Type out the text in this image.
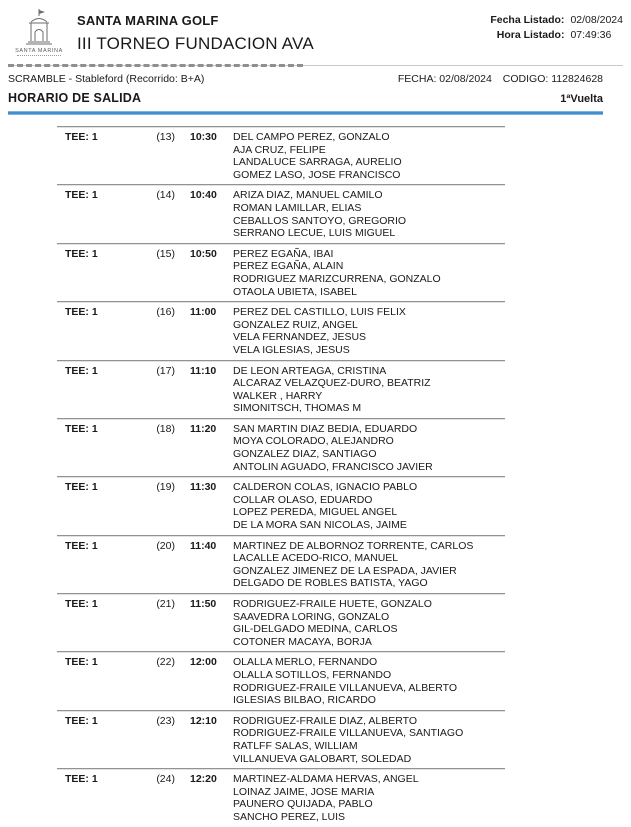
SANTA MARINA
SANTA MARINA GOLF
III TORNEO FUNDACION AVA
Fecha Listado: 02/08/2024
Hora Listado: 07:49:36
SCRAMBLE - Stableford (Recorrido: B+A)	FECHA: 02/08/2024 CODIGO: 112824628
HORARIO DE SALIDA	1ªVuelta
TEE: 1	(13)	10:30	DEL CAMPO PEREZ, GONZALO
AJA CRUZ, FELIPE
LANDALUCE SARRAGA, AURELIO
GOMEZ LASO, JOSE FRANCISCO
TEE: 1	(14)	10:40	ARIZA DIAZ, MANUEL CAMILO
ROMAN LAMILLAR, ELIAS
CEBALLOS SANTOYO, GREGORIO
SERRANO LECUE, LUIS MIGUEL
TEE: 1	(15)	10:50	PEREZ EGAÑA, IBAI
PEREZ EGAÑA, ALAIN
RODRIGUEZ MARIZCURRENA, GONZALO
OTAOLA UBIETA, ISABEL
TEE: 1	(16)	11:00	PEREZ DEL CASTILLO, LUIS FELIX
GONZALEZ RUIZ, ANGEL
VELA FERNANDEZ, JESUS
VELA IGLESIAS, JESUS
TEE: 1	(17)	11:10	DE LEON ARTEAGA, CRISTINA
ALCARAZ VELAZQUEZ-DURO, BEATRIZ
WALKER , HARRY
SIMONITSCH, THOMAS M
TEE: 1	(18)	11:20	SAN MARTIN DIAZ BEDIA, EDUARDO
MOYA COLORADO, ALEJANDRO
GONZALEZ DIAZ, SANTIAGO
ANTOLIN AGUADO, FRANCISCO JAVIER
TEE: 1	(19)	11:30	CALDERON COLAS, IGNACIO PABLO
COLLAR OLASO, EDUARDO
LOPEZ PEREDA, MIGUEL ANGEL
DE LA MORA SAN NICOLAS, JAIME
TEE: 1	(20)	11:40	MARTINEZ DE ALBORNOZ TORRENTE, CARLOS
LACALLE ACEDO-RICO, MANUEL
GONZALEZ JIMENEZ DE LA ESPADA, JAVIER
DELGADO DE ROBLES BATISTA, YAGO
TEE: 1	(21)	11:50	RODRIGUEZ-FRAILE HUETE, GONZALO
SAAVEDRA LORING, GONZALO
GIL-DELGADO MEDINA, CARLOS
COTONER MACAYA, BORJA
TEE: 1	(22)	12:00	OLALLA MERLO, FERNANDO
OLALLA SOTILLOS, FERNANDO
RODRIGUEZ-FRAILE VILLANUEVA, ALBERTO
IGLESIAS BILBAO, RICARDO
TEE: 1	(23)	12:10	RODRIGUEZ-FRAILE DIAZ, ALBERTO
RODRIGUEZ-FRAILE VILLANUEVA, SANTIAGO
RATLFF SALAS, WILLIAM
VILLANUEVA GALOBART, SOLEDAD
TEE: 1	(24)	12:20	MARTINEZ-ALDAMA HERVAS, ANGEL
LOINAZ JAIME, JOSE MARIA
PAUNERO QUIJADA, PABLO
SANCHO PEREZ, LUIS
